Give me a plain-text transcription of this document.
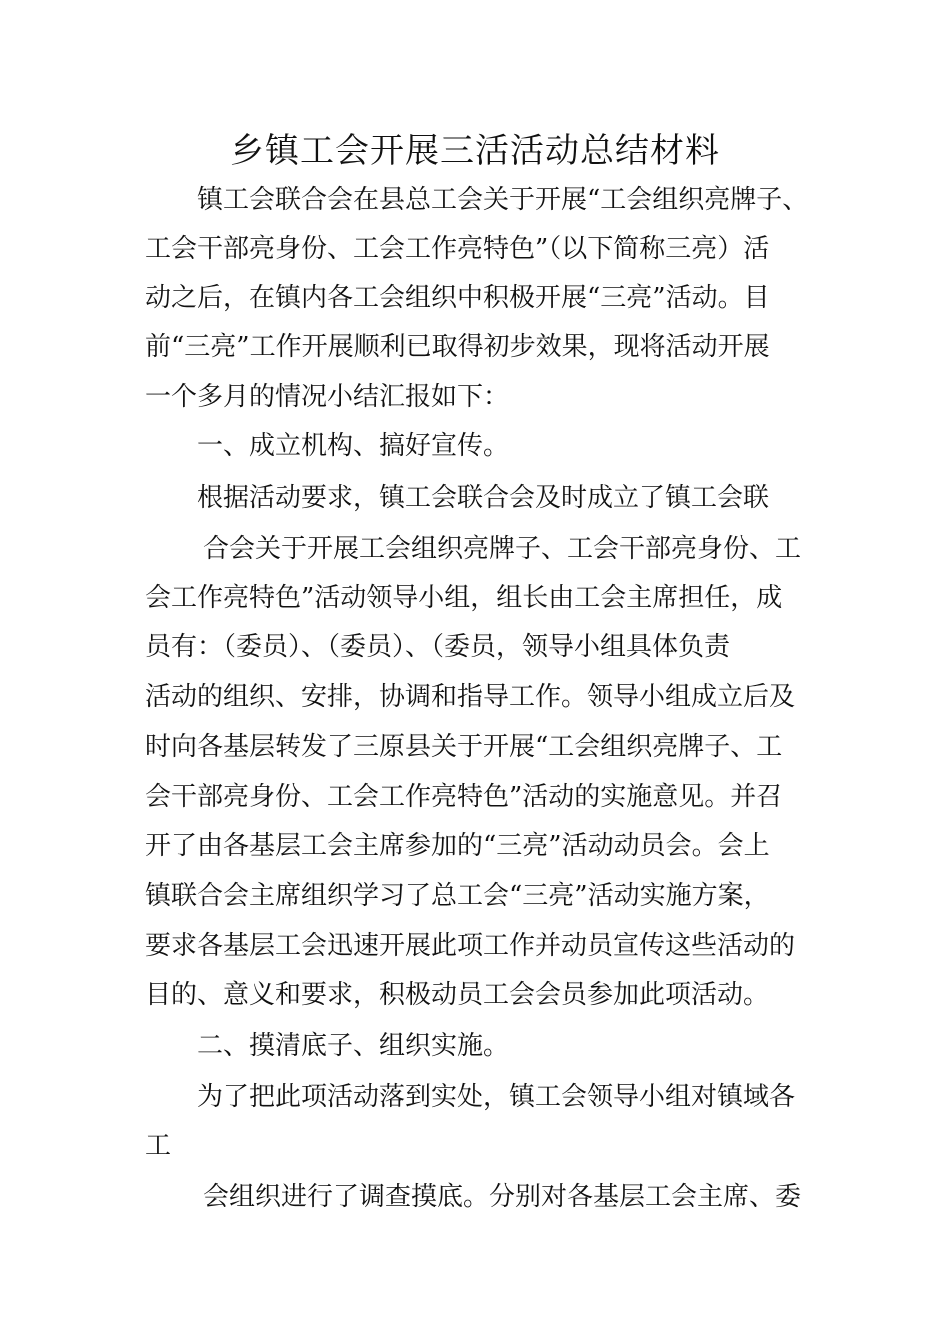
乡镇工会开展三活活动总结材料

镇工会联合会在县总工会关于开展“工会组织亮牌子、

工会干部亮身份、工会工作亮特色”（以下简称三亮）活

动之后，在镇内各工会组织中积极开展“三亮”活动。目

前“三亮”工作开展顺利已取得初步效果，现将活动开展

一个多月的情况小结汇报如下：

一、成立机构、搞好宣传。

根据活动要求，镇工会联合会及时成立了镇工会联

合会关于开展工会组织亮牌子、工会干部亮身份、工

会工作亮特色”活动领导小组，组长由工会主席担任，成

员有：（委员）、（委员）、（委员，领导小组具体负责

活动的组织、安排，协调和指导工作。领导小组成立后及

时向各基层转发了三原县关于开展“工会组织亮牌子、工

会干部亮身份、工会工作亮特色”活动的实施意见。并召

开了由各基层工会主席参加的“三亮”活动动员会。会上

镇联合会主席组织学习了总工会“三亮”活动实施方案，

要求各基层工会迅速开展此项工作并动员宣传这些活动的

目的、意义和要求，积极动员工会会员参加此项活动。

二、摸清底子、组织实施。

为了把此项活动落到实处，镇工会领导小组对镇域各

工

会组织进行了调查摸底。分别对各基层工会主席、委
